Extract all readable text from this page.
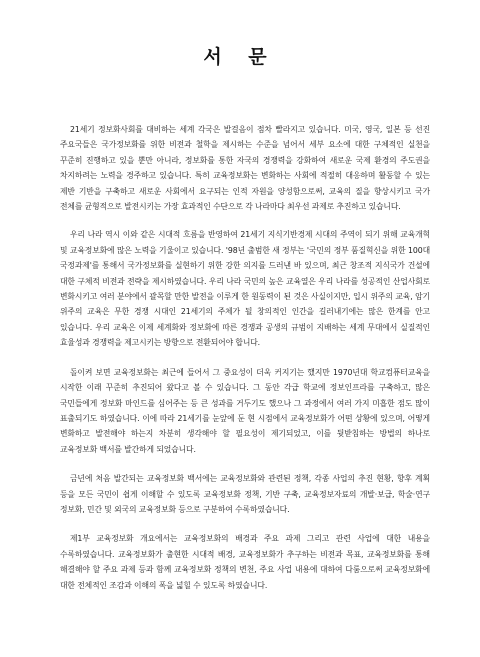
서 문

21세기 정보화사회를 대비하는 세계 각국은 발걸음이 점차 빨라지고 있습니다. 미국, 영국, 일본 등 선진 주요국들은 국가정보화를 위한 비전과 철학을 제시하는 수준을 넘어서 세부 요소에 대한 구체적인 실천을 꾸준히 진행하고 있을 뿐만 아니라, 정보화를 통한 자국의 경쟁력을 강화하여 새로운 국제 환경의 주도권을 차지하려는 노력을 경주하고 있습니다. 특히 교육정보화는 변화하는 사회에 적절히 대응하며 활동할 수 있는 제반 기반을 구축하고 새로운 사회에서 요구되는 인적 자원을 양성함으로써, 교육의 질을 향상시키고 국가 전체를 균형적으로 발전시키는 가장 효과적인 수단으로 각 나라마다 최우선 과제로 추진하고 있습니다.

우리 나라 역시 이와 같은 시대적 흐름을 반영하여 21세기 지식기반경제 시대의 주역이 되기 위해 교육개혁 및 교육정보화에 많은 노력을 기울이고 있습니다. '98년 출범한 새 정부는 '국민의 정부 품질혁신을 위한 100대 국정과제'를 통해서 국가정보화를 실현하기 위한 강한 의지를 드러낸 바 있으며, 최근 창조적 지식국가 건설에 대한 구체적 비전과 전략을 제시하였습니다. 우리 나라 국민의 높은 교육열은 우리 나라를 성공적인 산업사회로 변화시키고 여러 분야에서 괄목할 만한 발전을 이루게 한 원동력이 된 것은 사실이지만, 입시 위주의 교육, 암기 위주의 교육은 무한 경쟁 시대인 21세기의 주체가 될 창의적인 인간을 길러내기에는 많은 한계를 안고 있습니다. 우리 교육은 이제 세계화와 정보화에 따른 경쟁과 공생의 규범이 지배하는 세계 무대에서 실질적인 효율성과 경쟁력을 제고시키는 방향으로 전환되어야 합니다.

돌이켜 보면 교육정보화는 최근에 들어서 그 중요성이 더욱 커지기는 했지만 1970년대 학교컴퓨터교육을 시작한 이래 꾸준히 추진되어 왔다고 볼 수 있습니다. 그 동안 각급 학교에 정보인프라를 구축하고, 많은 국민들에게 정보화 마인드를 심어주는 등 큰 성과를 거두기도 했으나 그 과정에서 여러 가지 미흡한 점도 많이 표출되기도 하였습니다. 이에 따라 21세기를 눈앞에 둔 현 시점에서 교육정보화가 어떤 상황에 있으며, 어떻게 변화하고 발전해야 하는지 차분히 생각해야 할 필요성이 제기되었고, 이를 뒷받침하는 방법의 하나로 교육정보화 백서를 발간하게 되었습니다.

금년에 처음 발간되는 교육정보화 백서에는 교육정보화와 관련된 정책, 각종 사업의 추진 현황, 향후 계획 등을 모든 국민이 쉽게 이해할 수 있도록 교육정보화 정책, 기반 구축, 교육정보자료의 개발·보급, 학술·연구 정보화, 민간 및 외국의 교육정보화 등으로 구분하여 수록하였습니다.

제1부 교육정보화 개요에서는 교육정보화의 배경과 주요 과제 그리고 관련 사업에 대한 내용을 수록하였습니다. 교육정보화가 출현한 시대적 배경, 교육정보화가 추구하는 비전과 목표, 교육정보화를 통해 해결해야 할 주요 과제 등과 함께 교육정보화 정책의 변천, 주요 사업 내용에 대하여 다룸으로써 교육정보화에 대한 전체적인 조감과 이해의 폭을 넓힐 수 있도록 하였습니다.
